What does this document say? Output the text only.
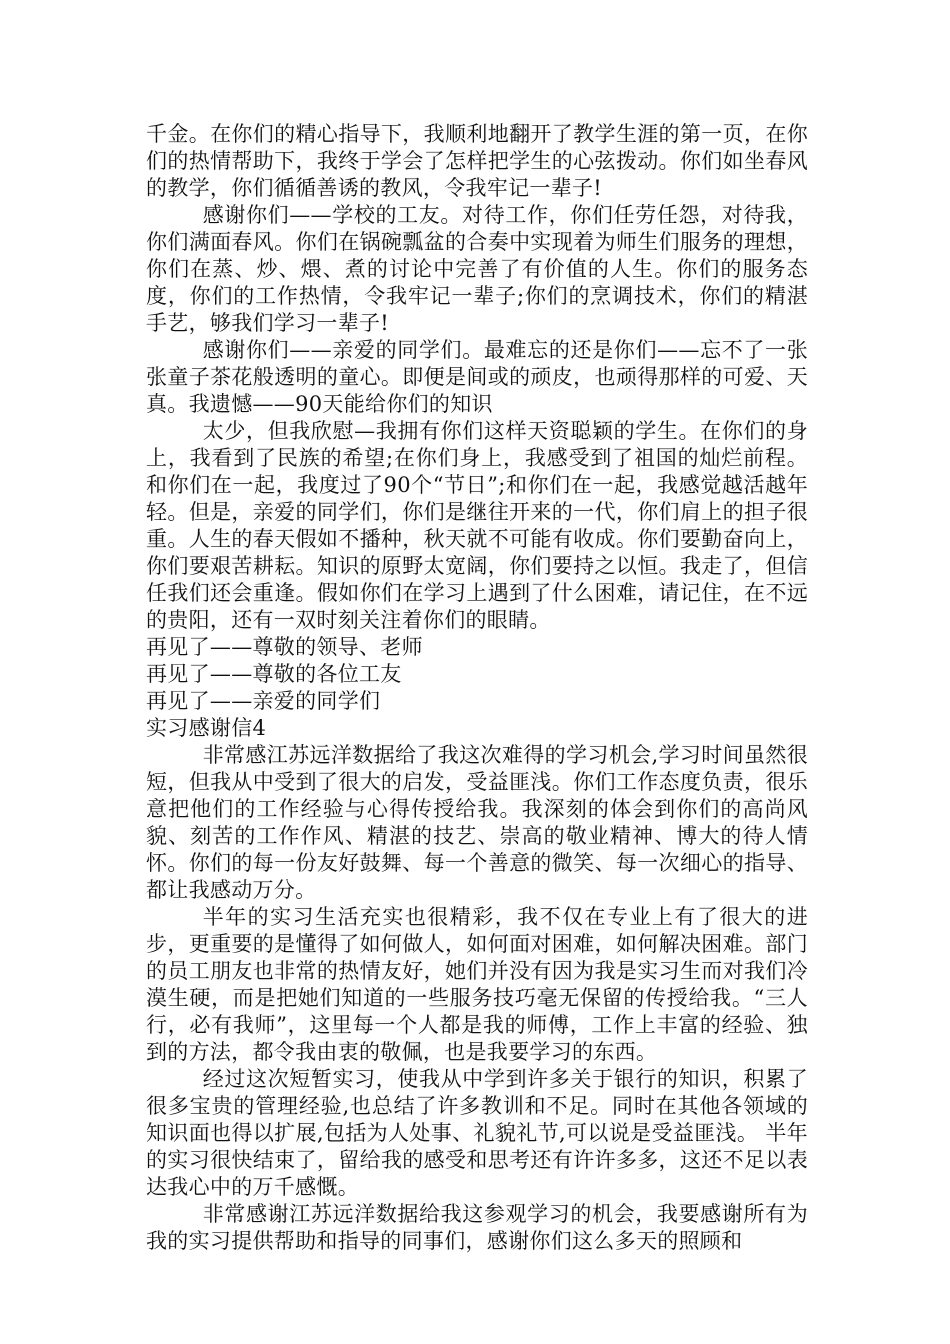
千金。在你们的精心指导下，我顺利地翻开了教学生涯的第一页，在你们的热情帮助下，我终于学会了怎样把学生的心弦拨动。你们如坐春风的教学，你们循循善诱的教风，令我牢记一辈子!

感谢你们——学校的工友。对待工作，你们任劳任怨，对待我，你们满面春风。你们在锅碗瓢盆的合奏中实现着为师生们服务的理想，你们在蒸、炒、煨、煮的讨论中完善了有价值的人生。你们的服务态度，你们的工作热情，令我牢记一辈子;你们的烹调技术，你们的精湛手艺，够我们学习一辈子!

感谢你们——亲爱的同学们。最难忘的还是你们——忘不了一张张童子茶花般透明的童心。即便是间或的顽皮，也顽得那样的可爱、天真。我遗憾——90天能给你们的知识

太少，但我欣慰—我拥有你们这样天资聪颖的学生。在你们的身上，我看到了民族的希望;在你们身上，我感受到了祖国的灿烂前程。和你们在一起，我度过了90个“节日”;和你们在一起，我感觉越活越年轻。但是，亲爱的同学们，你们是继往开来的一代，你们肩上的担子很重。人生的春天假如不播种，秋天就不可能有收成。你们要勤奋向上，你们要艰苦耕耘。知识的原野太宽阔，你们要持之以恒。我走了，但信任我们还会重逢。假如你们在学习上遇到了什么困难，请记住，在不远的贵阳，还有一双时刻关注着你们的眼睛。

再见了——尊敬的领导、老师

再见了——尊敬的各位工友

再见了——亲爱的同学们

实习感谢信4

非常感江苏远洋数据给了我这次难得的学习机会,学习时间虽然很短，但我从中受到了很大的启发，受益匪浅。你们工作态度负责，很乐意把他们的工作经验与心得传授给我。我深刻的体会到你们的高尚风貌、刻苦的工作作风、精湛的技艺、崇高的敬业精神、博大的待人情怀。你们的每一份友好鼓舞、每一个善意的微笑、每一次细心的指导、都让我感动万分。

半年的实习生活充实也很精彩，我不仅在专业上有了很大的进步，更重要的是懂得了如何做人，如何面对困难，如何解决困难。部门的员工朋友也非常的热情友好，她们并没有因为我是实习生而对我们冷漠生硬，而是把她们知道的一些服务技巧毫无保留的传授给我。“三人行，必有我师”，这里每一个人都是我的师傅，工作上丰富的经验、独到的方法，都令我由衷的敬佩，也是我要学习的东西。

经过这次短暂实习，使我从中学到许多关于银行的知识，积累了很多宝贵的管理经验,也总结了许多教训和不足。同时在其他各领域的知识面也得以扩展,包括为人处事、礼貌礼节,可以说是受益匪浅。 半年的实习很快结束了，留给我的感受和思考还有许许多多，这还不足以表达我心中的万千感慨。

非常感谢江苏远洋数据给我这参观学习的机会，我要感谢所有为我的实习提供帮助和指导的同事们，感谢你们这么多天的照顾和
